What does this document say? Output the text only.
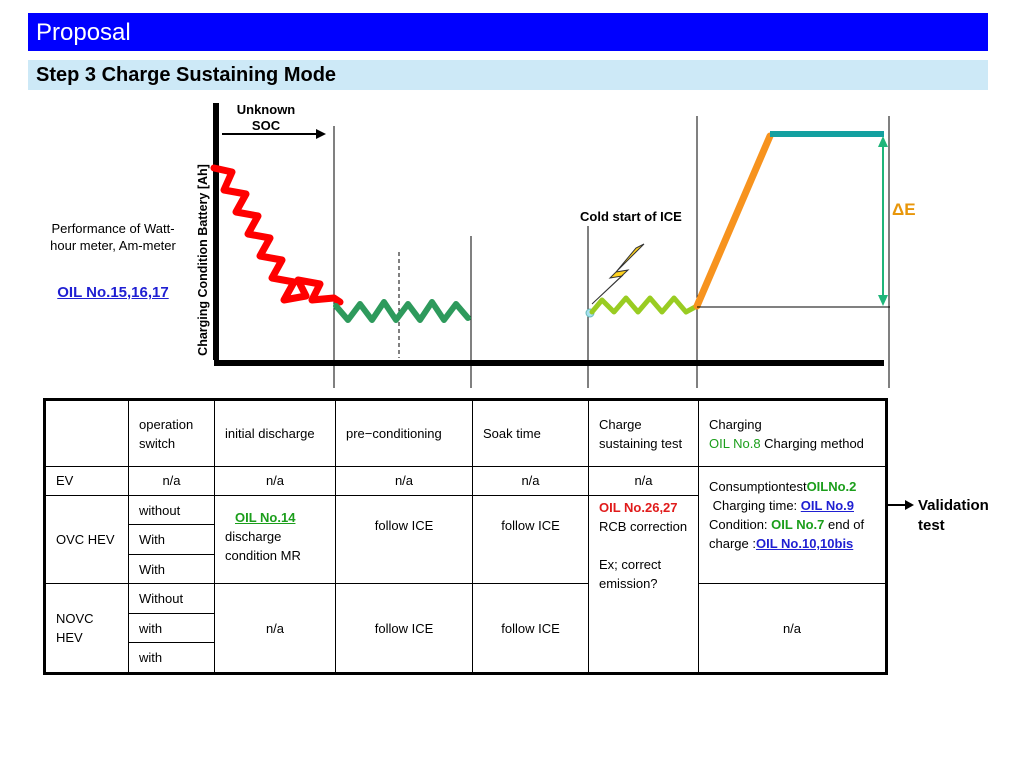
Proposal
Step 3 Charge Sustaining Mode
Performance of Watt-hour meter, Am-meter
OIL No.15,16,17	Charging Condition Battery [Ah]
Unknown SOC
Cold start of ICE	ΔE
Validation test
	operation switch	initial discharge	pre−conditioning	Soak time	Charge sustaining test	Charging
OIL No.8 Charging method
EV	n/a	n/a	n/a	n/a	n/a	ConsumptiontestOILNo.2
Charging time: OIL No.9
Condition: OIL No.7 end of charge :OIL No.10,10bis
OVC HEV	without	OIL No.14
discharge condition MR	follow ICE	follow ICE	OIL No.26,27
RCB correction

Ex; correct emission?	
	With					
	With					
NOVC HEV	Without	n/a	follow ICE	follow ICE		n/a
	with					
	with					
